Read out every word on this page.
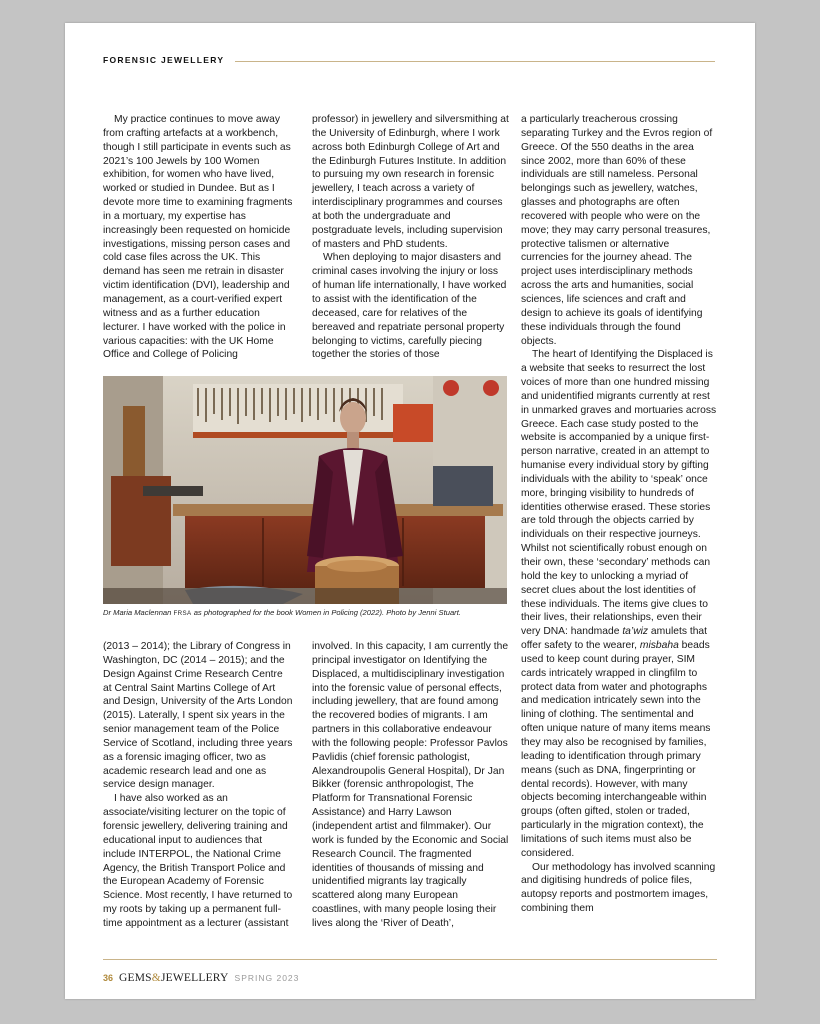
FORENSIC JEWELLERY

My practice continues to move away from crafting artefacts at a workbench, though I still participate in events such as 2021’s 100 Jewels by 100 Women exhibition, for women who have lived, worked or studied in Dundee. But as I devote more time to examining fragments in a mortuary, my expertise has increasingly been requested on homicide investigations, missing person cases and cold case files across the UK. This demand has seen me retrain in disaster victim identification (DVI), leadership and management, as a court-verified expert witness and as a further education lecturer. I have worked with the police in various capacities: with the UK Home Office and College of Policing

professor) in jewellery and silversmithing at the University of Edinburgh, where I work across both Edinburgh College of Art and the Edinburgh Futures Institute. In addition to pursuing my own research in forensic jewellery, I teach across a variety of interdisciplinary programmes and courses at both the undergraduate and postgraduate levels, including supervision of masters and PhD students.

When deploying to major disasters and criminal cases involving the injury or loss of human life internationally, I have worked to assist with the identification of the deceased, care for relatives of the bereaved and repatriate personal property belonging to victims, carefully piecing together the stories of those

a particularly treacherous crossing separating Turkey and the Evros region of Greece. Of the 550 deaths in the area since 2002, more than 60% of these individuals are still nameless. Personal belongings such as jewellery, watches, glasses and photographs are often recovered with people who were on the move; they may carry personal treasures, protective talismen or alternative currencies for the journey ahead. The project uses interdisciplinary methods across the arts and humanities, social sciences, life sciences and craft and design to achieve its goals of identifying these individuals through the found objects.

The heart of Identifying the Displaced is a website that seeks to resurrect the lost voices of more than one hundred missing and unidentified migrants currently at rest in unmarked graves and mortuaries across Greece. Each case study posted to the website is accompanied by a unique first-person narrative, created in an attempt to humanise every individual story by gifting individuals with the ability to ‘speak’ once more, bringing visibility to hundreds of identities otherwise erased. These stories are told through the objects carried by individuals on their respective journeys. Whilst not scientifically robust enough on their own, these ‘secondary’ methods can hold the key to unlocking a myriad of secret clues about the lost identities of these individuals. The items give clues to their lives, their relationships, even their very DNA: handmade ta’wiz amulets that offer safety to the wearer, misbaha beads used to keep count during prayer, SIM cards intricately wrapped in clingfilm to protect data from water and photographs and medication intricately sewn into the lining of clothing. The sentimental and often unique nature of many items means they may also be recognised by families, leading to identification through primary means (such as DNA, fingerprinting or dental records). However, with many objects becoming interchangeable within groups (often gifted, stolen or traded, particularly in the migration context), the limitations of such items must also be considered.

Our methodology has involved scanning and digitising hundreds of police files, autopsy reports and postmortem images, combining them

Dr Maria Maclennan FRSA as photographed for the book Women in Policing (2022). Photo by Jenni Stuart.

(2013 – 2014); the Library of Congress in Washington, DC (2014 – 2015); and the Design Against Crime Research Centre at Central Saint Martins College of Art and Design, University of the Arts London (2015). Laterally, I spent six years in the senior management team of the Police Service of Scotland, including three years as a forensic imaging officer, two as academic research lead and one as service design manager.

I have also worked as an associate/visiting lecturer on the topic of forensic jewellery, delivering training and educational input to audiences that include INTERPOL, the National Crime Agency, the British Transport Police and the European Academy of Forensic Science. Most recently, I have returned to my roots by taking up a permanent full-time appointment as a lecturer (assistant

involved. In this capacity, I am currently the principal investigator on Identifying the Displaced, a multidisciplinary investigation into the forensic value of personal effects, including jewellery, that are found among the recovered bodies of migrants. I am partners in this collaborative endeavour with the following people: Professor Pavlos Pavlidis (chief forensic pathologist, Alexandroupolis General Hospital), Dr Jan Bikker (forensic anthropologist, The Platform for Transnational Forensic Assistance) and Harry Lawson (independent artist and filmmaker). Our work is funded by the Economic and Social Research Council. The fragmented identities of thousands of missing and unidentified migrants lay tragically scattered along many European coastlines, with many people losing their lives along the ‘River of Death’,

36 GEMS&JEWELLERY SPRING 2023
